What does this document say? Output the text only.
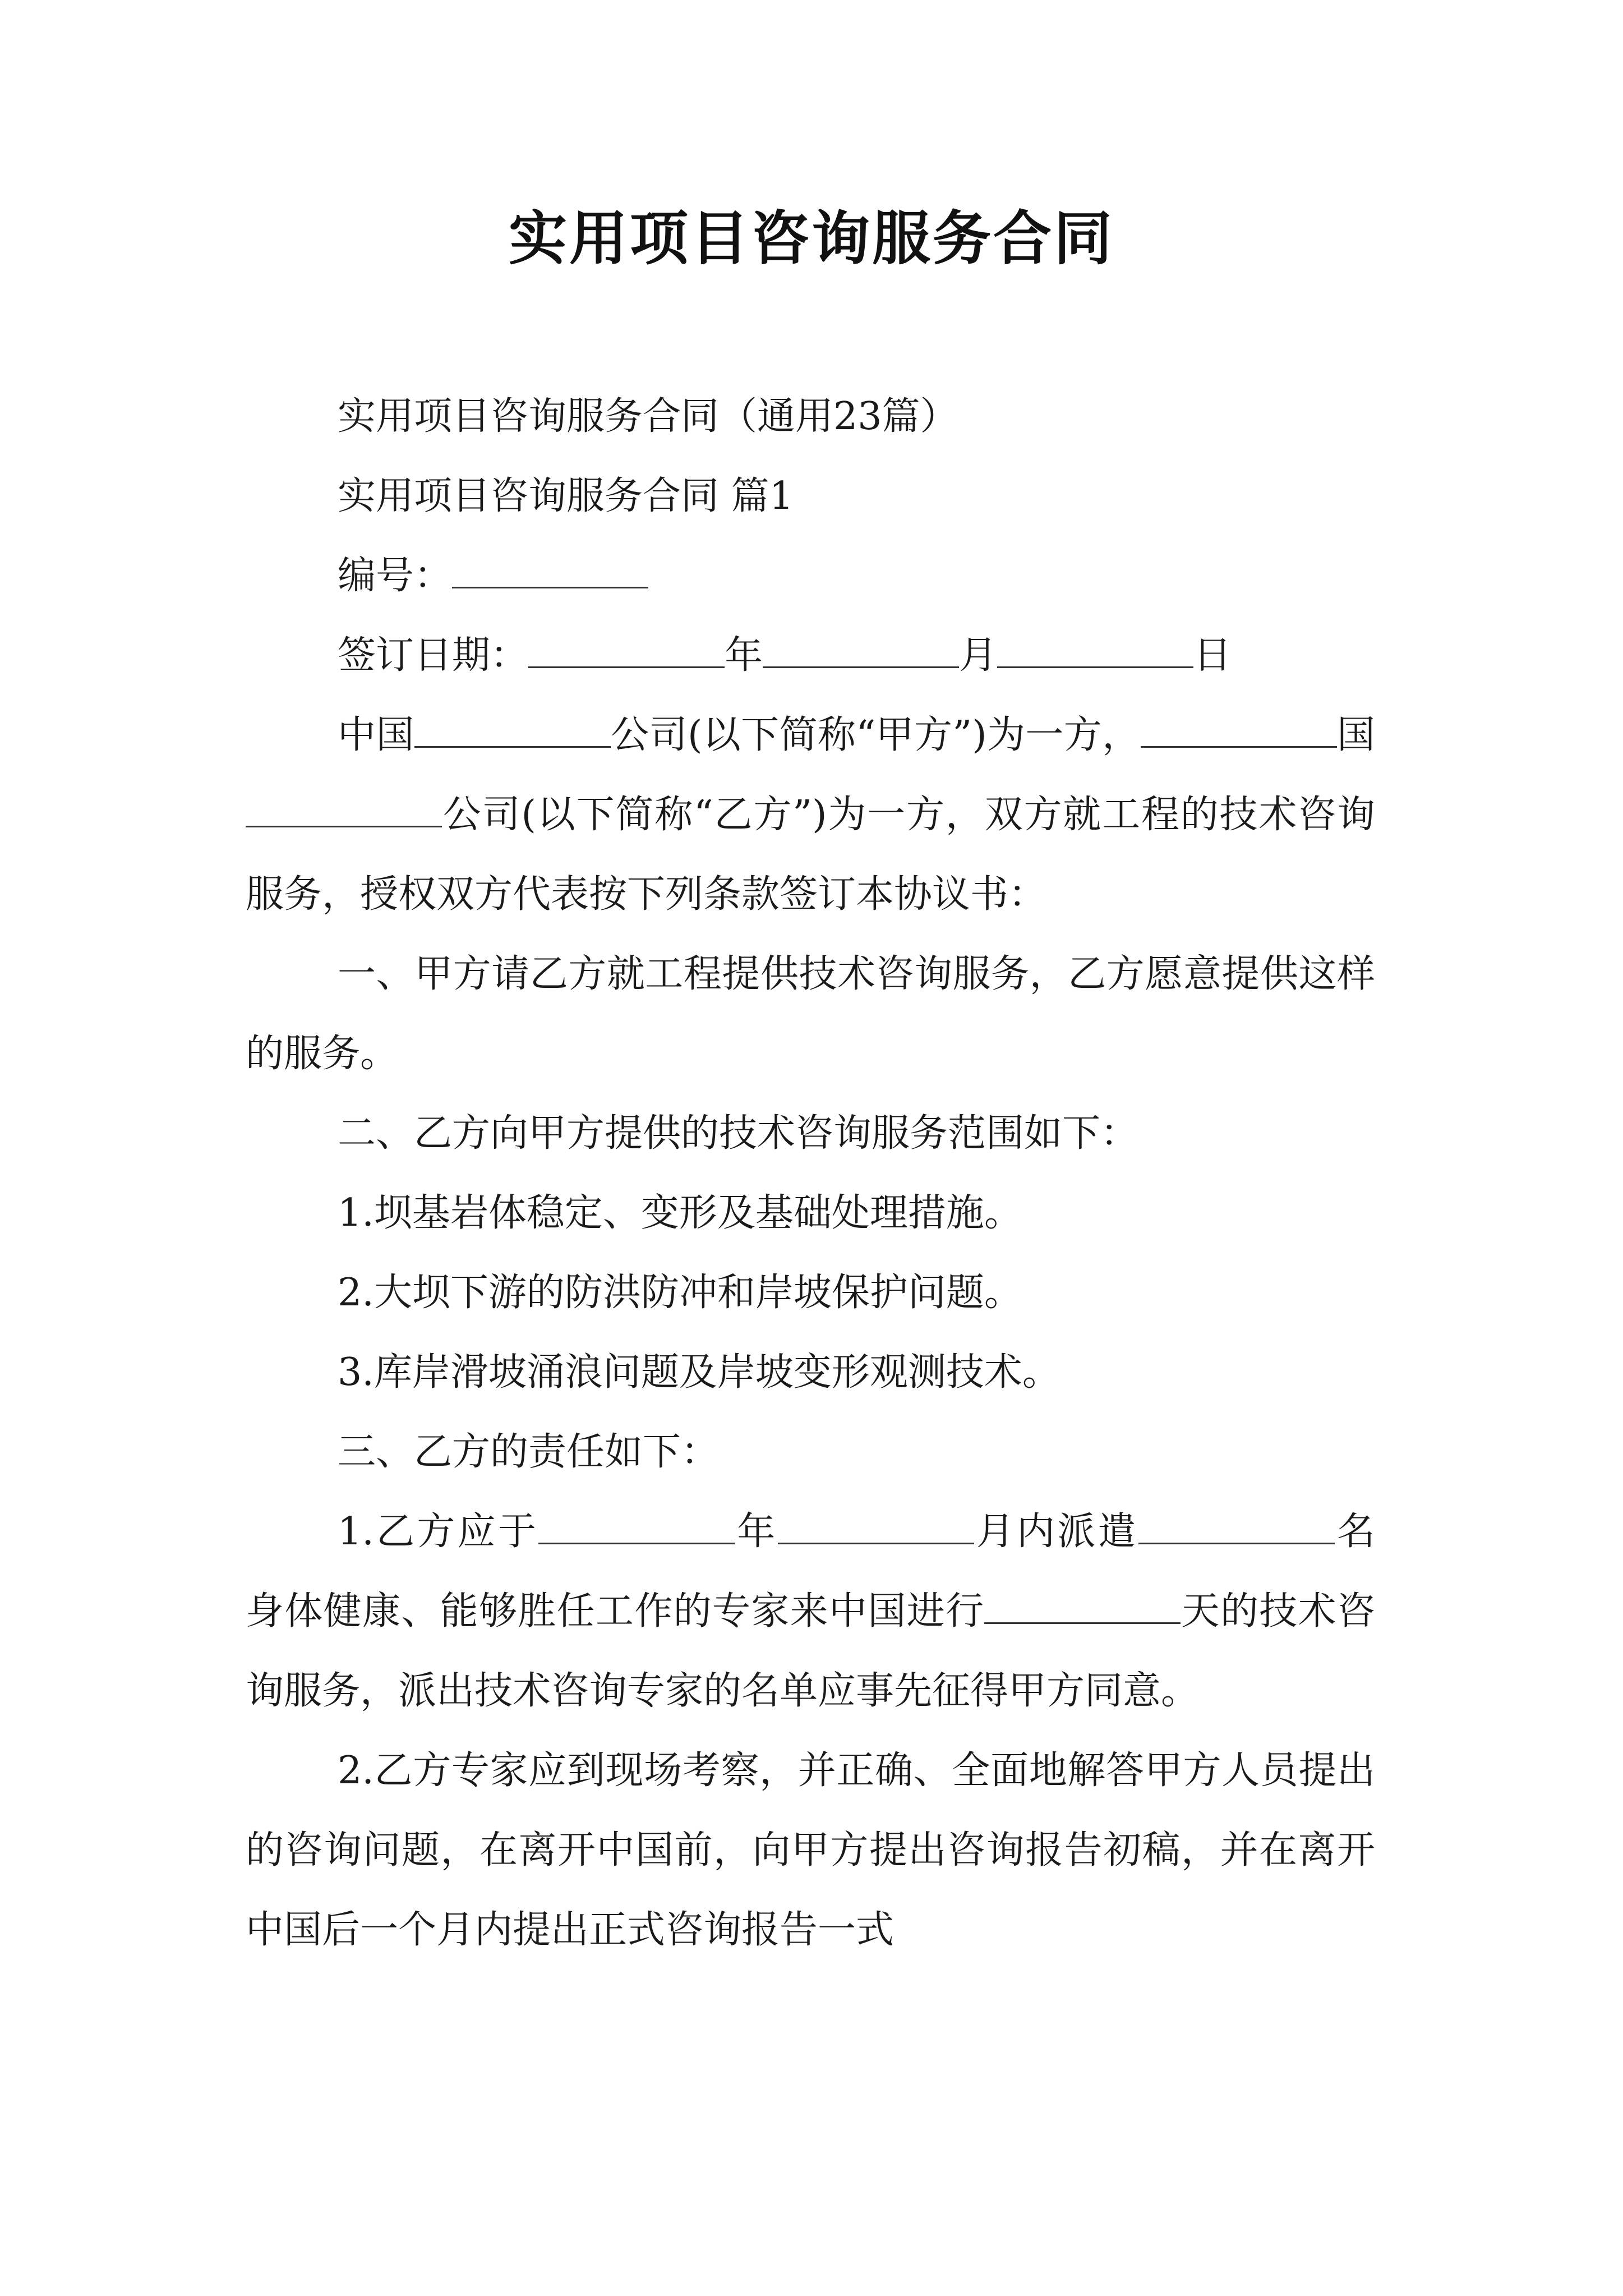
实用项目咨询服务合同
实用项目咨询服务合同（通用23篇）
实用项目咨询服务合同 篇1
编号：
签订日期：	年	月	日

中国	公司(以下简称“甲方”)为一方，	国公司(以下简称“乙方”)为一方，双方就工程的技术咨询服务，授权双方代表按下列条款签订本协议书：

一、甲方请乙方就工程提供技术咨询服务，乙方愿意提供这样的服务。

二、乙方向甲方提供的技术咨询服务范围如下：

1.坝基岩体稳定、变形及基础处理措施。

2.大坝下游的防洪防冲和岸坡保护问题。

3.库岸滑坡涌浪问题及岸坡变形观测技术。

三、乙方的责任如下：

1.乙方应于	年	月内派遣	名身体健康、能够胜任工作的专家来中国进行	天的技术咨询服务，派出技术咨询专家的名单应事先征得甲方同意。

2.乙方专家应到现场考察，并正确、全面地解答甲方人员提出的咨询问题，在离开中国前，向甲方提出咨询报告初稿，并在离开中国后一个月内提出正式咨询报告一式
